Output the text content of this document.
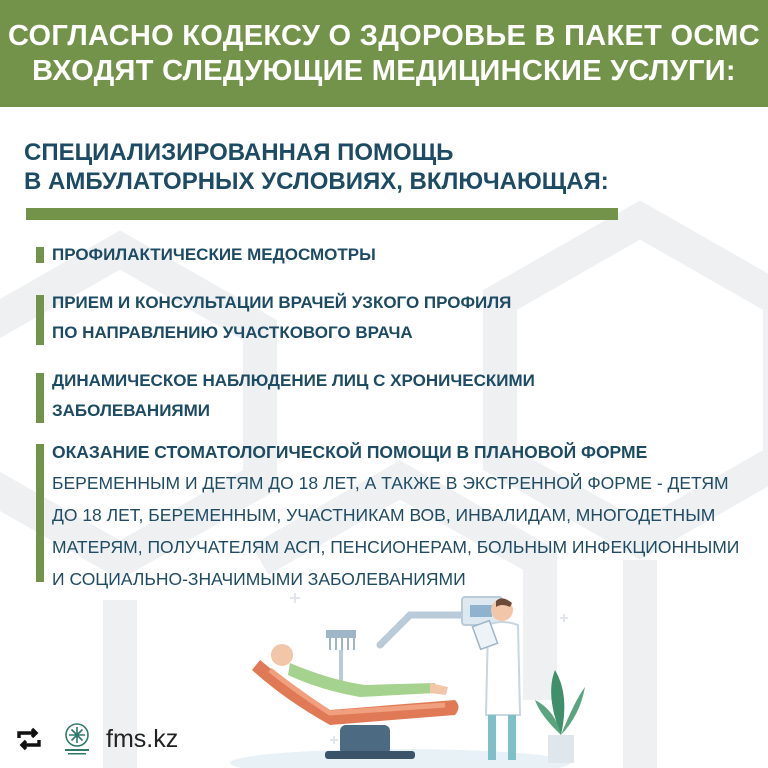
СОГЛАСНО КОДЕКСУ О ЗДОРОВЬЕ В ПАКЕТ ОСМС
ВХОДЯТ СЛЕДУЮЩИЕ МЕДИЦИНСКИЕ УСЛУГИ:
СПЕЦИАЛИЗИРОВАННАЯ ПОМОЩЬ
В АМБУЛАТОРНЫХ УСЛОВИЯХ, ВКЛЮЧАЮЩАЯ:
ПРОФИЛАКТИЧЕСКИЕ МЕДОСМОТРЫ
ПРИЕМ И КОНСУЛЬТАЦИИ ВРАЧЕЙ УЗКОГО ПРОФИЛЯ
ПО НАПРАВЛЕНИЮ УЧАСТКОВОГО ВРАЧА
ДИНАМИЧЕСКОЕ НАБЛЮДЕНИЕ ЛИЦ С ХРОНИЧЕСКИМИ
ЗАБОЛЕВАНИЯМИ
ОКАЗАНИЕ СТОМАТОЛОГИЧЕСКОЙ ПОМОЩИ В ПЛАНОВОЙ ФОРМЕ
БЕРЕМЕННЫМ И ДЕТЯМ ДО 18 ЛЕТ, А ТАКЖЕ В ЭКСТРЕННОЙ ФОРМЕ - ДЕТЯМ
ДО 18 ЛЕТ, БЕРЕМЕННЫМ, УЧАСТНИКАМ ВОВ, ИНВАЛИДАМ, МНОГОДЕТНЫМ
МАТЕРЯМ, ПОЛУЧАТЕЛЯМ АСП, ПЕНСИОНЕРАМ, БОЛЬНЫМ ИНФЕКЦИОННЫМИ
И СОЦИАЛЬНО-ЗНАЧИМЫМИ ЗАБОЛЕВАНИЯМИ
fms.kz
